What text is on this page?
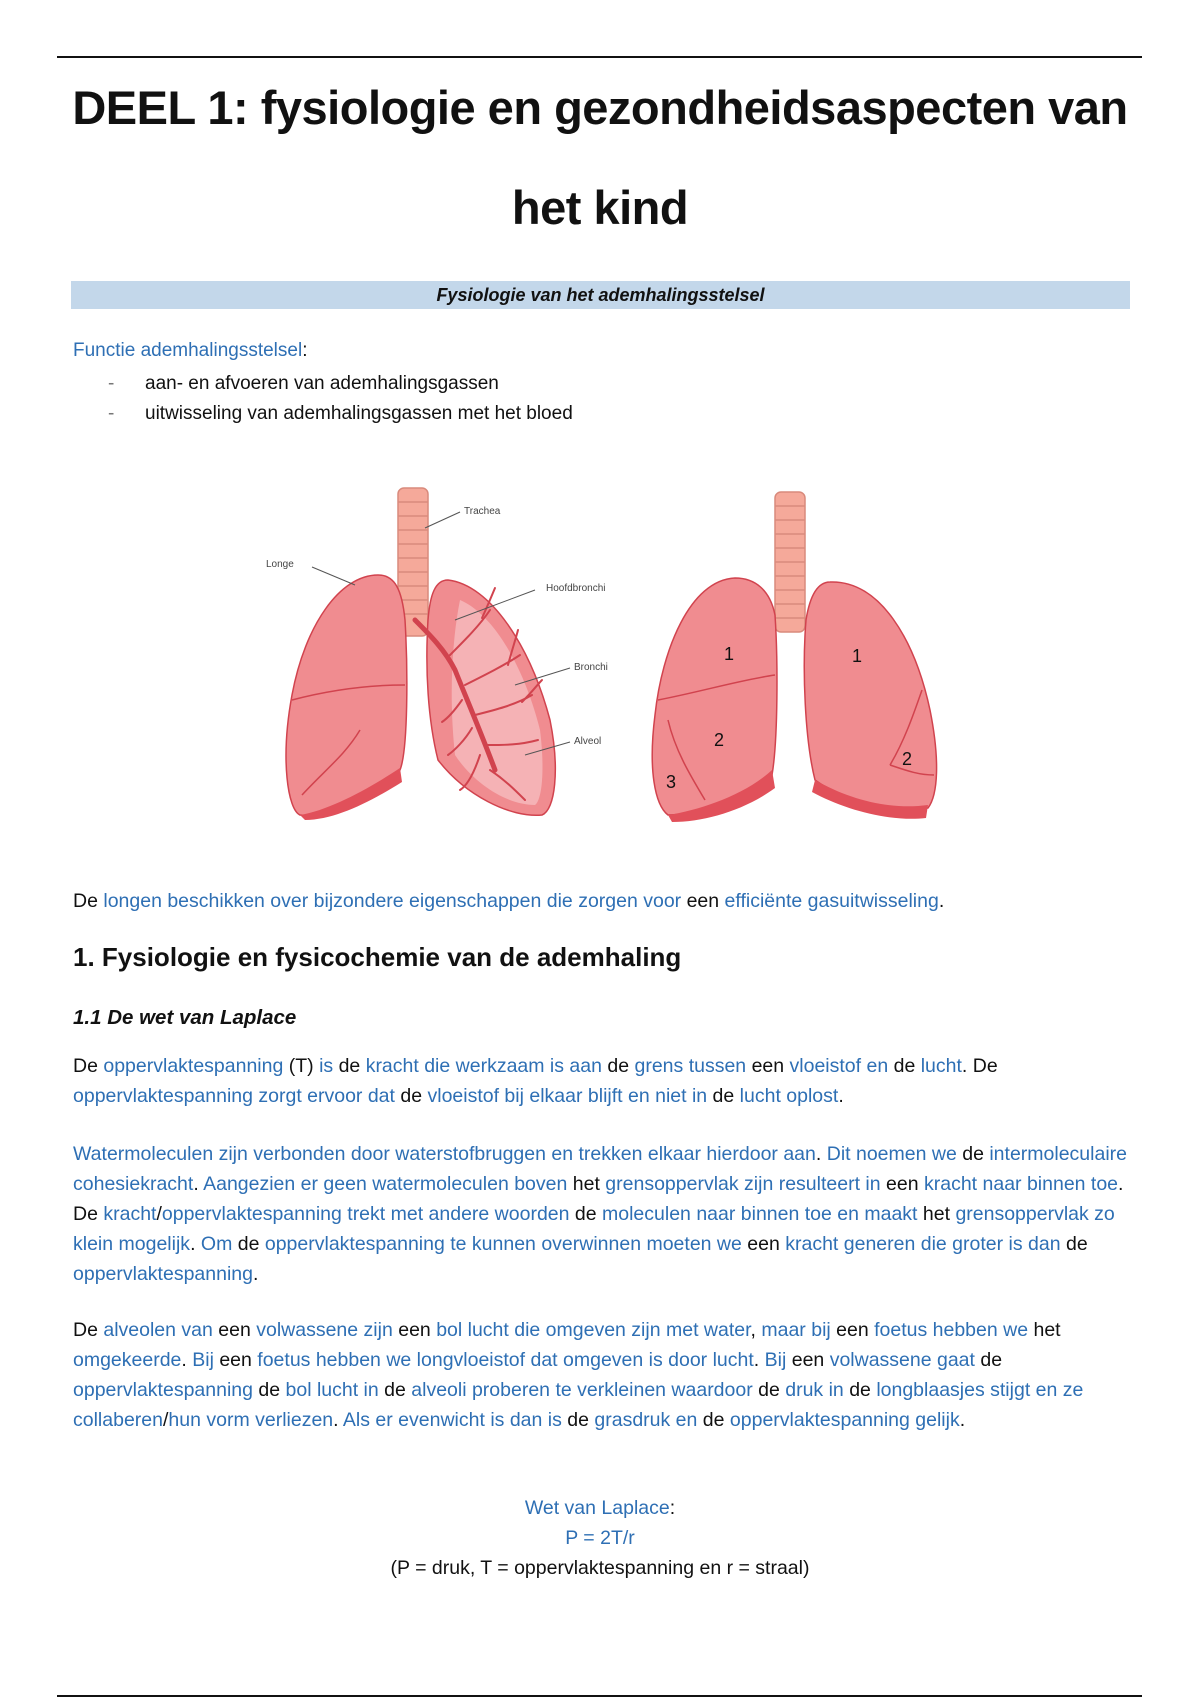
DEEL 1: fysiologie en gezondheidsaspecten van
het kind
Fysiologie van het ademhalingsstelsel
Functie ademhalingsstelsel:
- aan- en afvoeren van ademhalingsgassen
- uitwisseling van ademhalingsgassen met het bloed
Trachea
Longe
Hoofdbronchi
Bronchi
Alveol
1	1
2
2
3

De longen beschikken over bijzondere eigenschappen die zorgen voor een efficiënte gasuitwisseling.

1. Fysiologie en fysicochemie van de ademhaling
1.1 De wet van Laplace

De oppervlaktespanning (T) is de kracht die werkzaam is aan de grens tussen een vloeistof en de lucht. De oppervlaktespanning zorgt ervoor dat de vloeistof bij elkaar blijft en niet in de lucht oplost.

Watermoleculen zijn verbonden door waterstofbruggen en trekken elkaar hierdoor aan. Dit noemen we de intermoleculaire cohesiekracht. Aangezien er geen watermoleculen boven het grensoppervlak zijn resulteert in een kracht naar binnen toe. De kracht/oppervlaktespanning trekt met andere woorden de moleculen naar binnen toe en maakt het grensoppervlak zo klein mogelijk. Om de oppervlaktespanning te kunnen overwinnen moeten we een kracht generen die groter is dan de oppervlaktespanning.

De alveolen van een volwassene zijn een bol lucht die omgeven zijn met water, maar bij een foetus hebben we het omgekeerde. Bij een foetus hebben we longvloeistof dat omgeven is door lucht. Bij een volwassene gaat de oppervlaktespanning de bol lucht in de alveoli proberen te verkleinen waardoor de druk in de longblaasjes stijgt en ze collaberen/hun vorm verliezen. Als er evenwicht is dan is de grasdruk en de oppervlaktespanning gelijk.

Wet van Laplace:
P = 2T/r
(P = druk, T = oppervlaktespanning en r = straal)
